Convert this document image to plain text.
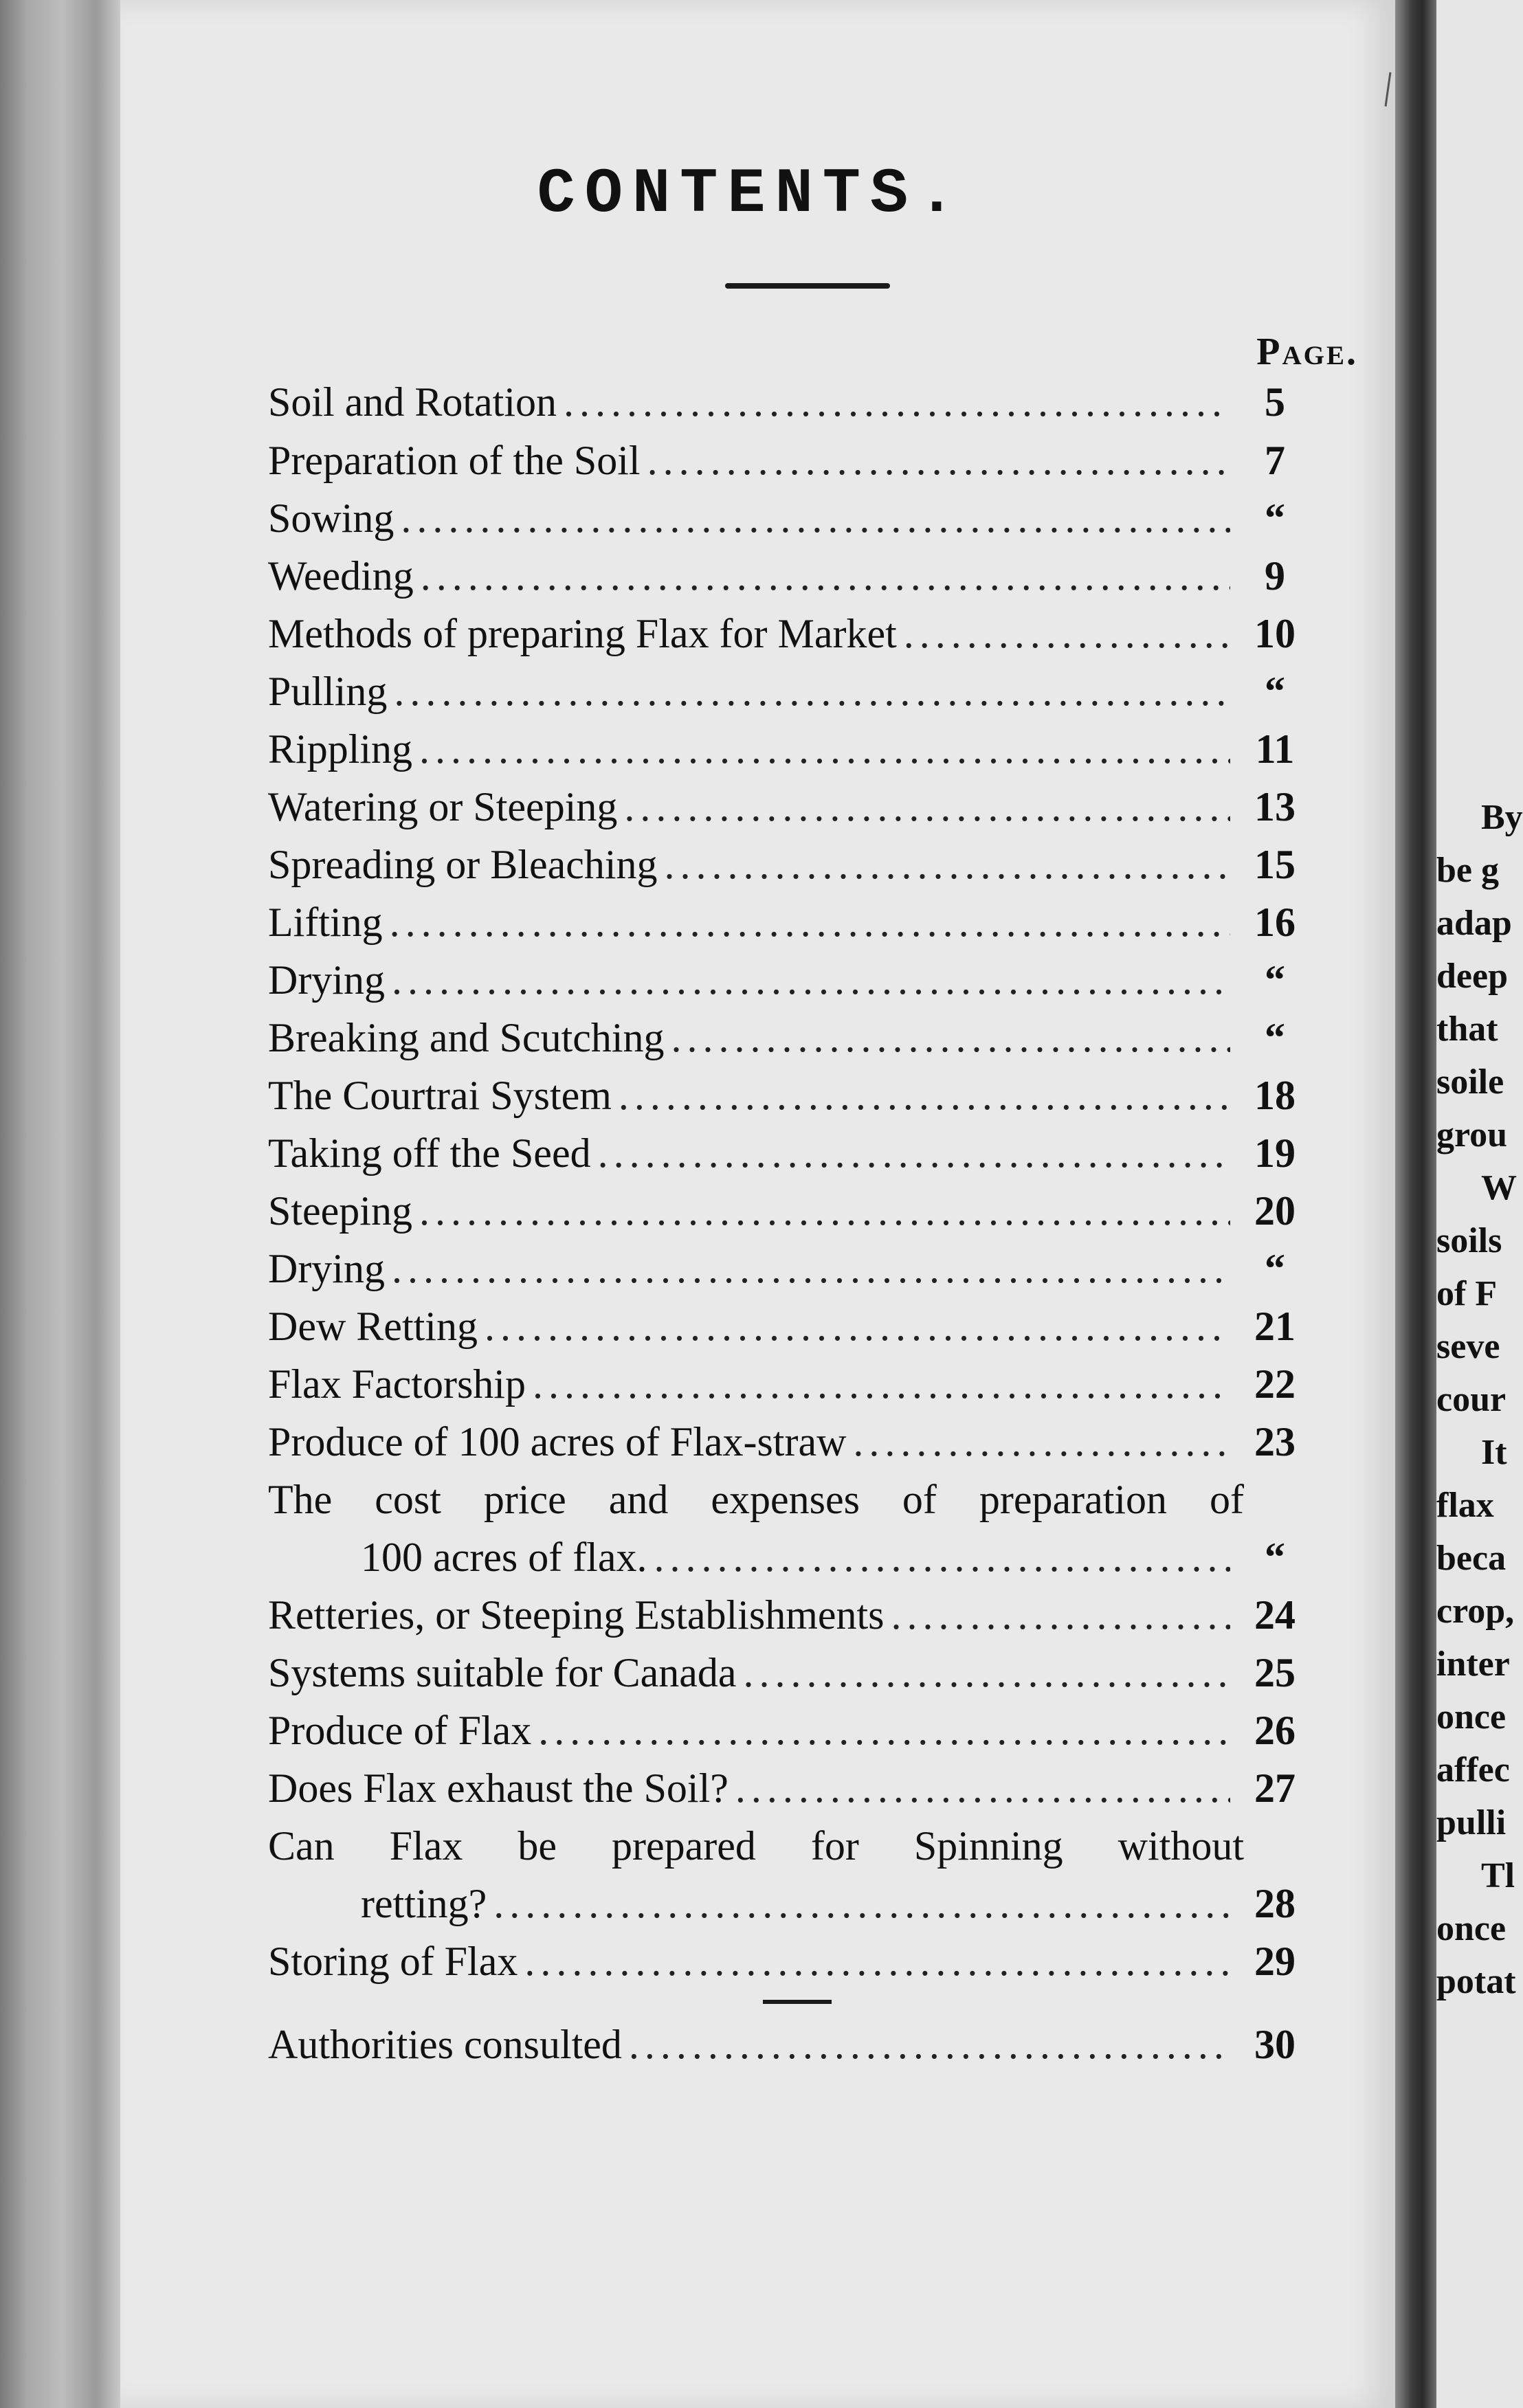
By
be g
adap
deep
that
soile
grou
W
soils
of F
seve
cour
It
flax
beca
crop,
inter
once
affec
pulli
Tl
once
potat
CONTENTS.
Page.
Soil and Rotation .....	5
Preparation of the Soil .....	7
Sowing .....	“
Weeding .....	9
Methods of preparing Flax for Market .....	10
Pulling .....	“
Rippling .....	11
Watering or Steeping .....	13
Spreading or Bleaching .....	15
Lifting .....	16
Drying .....	“
Breaking and Scutching .....	“
The Courtrai System .....	18
Taking off the Seed .....	19
Steeping .....	20
Drying .....	“
Dew Retting .....	21
Flax Factorship .....	22
Produce of 100 acres of Flax-straw .....	23
The cost price and expenses of preparation of
100 acres of flax. .....	“
Retteries, or Steeping Establishments .....	24
Systems suitable for Canada .....	25
Produce of Flax .....	26
Does Flax exhaust the Soil? .....	27
Can Flax be prepared for Spinning without
retting? .....	28
Storing of Flax .....	29
Authorities consulted .....	30
